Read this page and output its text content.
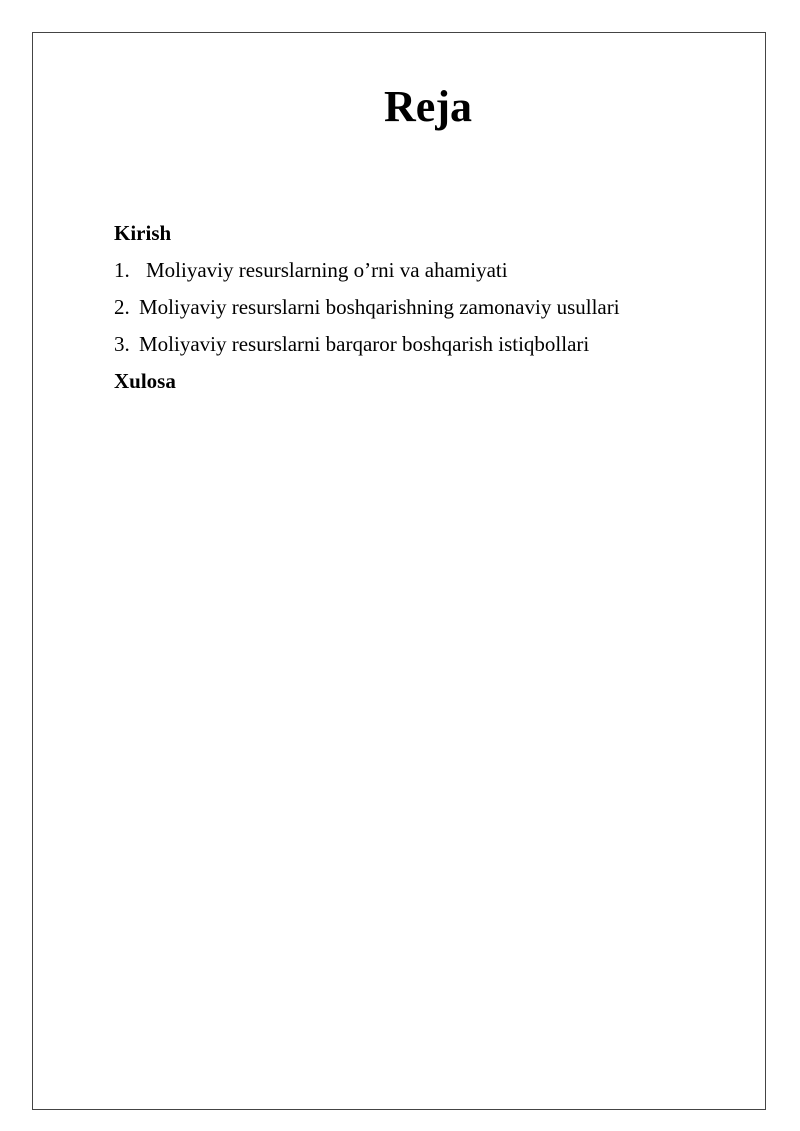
Reja
Kirish
1. Moliyaviy resurslarning o’rni va ahamiyati
2. Moliyaviy resurslarni boshqarishning zamonaviy usullari
3. Moliyaviy resurslarni barqaror boshqarish istiqbollari
Xulosa
